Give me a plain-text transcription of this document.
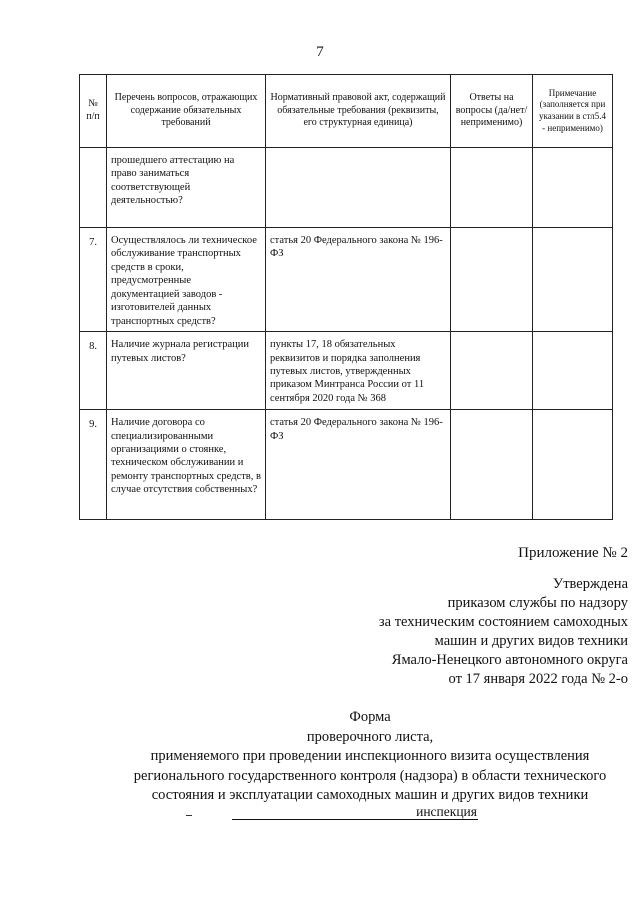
7
№ п/п	Перечень вопросов, отражающих содержание обязательных требований	Нормативный правовой акт, содержащий обязательные требования (реквизиты, его структурная единица)	Ответы на вопросы (да/нет/ неприменимо)	Примечание (заполняется при указании в стл5.4 - неприменимо)
	прошедшего аттестацию на право заниматься соответствующей деятельностью?			
7.	Осуществлялось ли техническое обслуживание транспортных средств в сроки, предусмотренные документацией заводов - изготовителей данных транспортных средств?	статья 20 Федерального закона № 196-ФЗ		
8.	Наличие журнала регистрации путевых листов?	пункты 17, 18 обязательных реквизитов и порядка заполнения путевых листов, утвержденных приказом Минтранса России от 11 сентября 2020 года № 368		
9.	Наличие договора со специализированными организациями о стоянке, техническом обслуживании и ремонту транспортных средств, в случае отсутствия собственных?	статья 20 Федерального закона № 196-ФЗ		
Приложение № 2
Утверждена
приказом службы по надзору
за техническим состоянием самоходных
машин и других видов техники
Ямало-Ненецкого автономного округа
от 17 января 2022 года № 2-о
Форма
проверочного листа,
применяемого при проведении инспекционного визита осуществления
регионального государственного контроля (надзора) в области технического
состояния и эксплуатации самоходных машин и других видов техники
инспекция
